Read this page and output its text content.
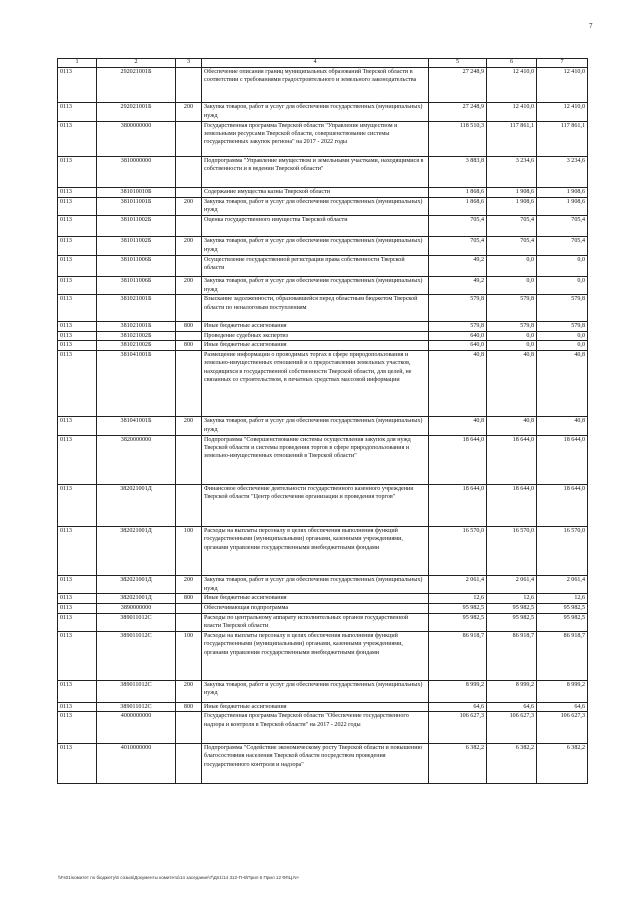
7
1	2	3	4	5	6	7
0113	292021001Б		Обеспечение описания границ муниципальных образований Тверской области в соответствии с требованиями градостроительного и земельного законодательства	27 248,9	12 410,0	12 410,0
0113	292021001Б	200	Закупка товаров, работ и услуг для обеспечения государственных (муниципальных) нужд	27 248,9	12 410,0	12 410,0
0113	3800000000		Государственная программа Тверской области "Управление имуществом и земельными ресурсами Тверской области, совершенствование системы государственных закупок региона" на 2017 - 2022 годы	118 510,3	117 861,1	117 861,1
0113	3810000000		Подпрограмма "Управление имуществом и земельными участками, находящимися в собственности и в ведении Тверской области"	3 883,8	3 234,6	3 234,6
0113	381010010Б		Содержание имущества казны Тверской области	1 868,6	1 908,6	1 908,6
0113	381011001Б	200	Закупка товаров, работ и услуг для обеспечения государственных (муниципальных) нужд	1 868,6	1 908,6	1 908,6
0113	381011002Б		Оценка государственного имущества Тверской области	705,4	705,4	705,4
0113	381011002Б	200	Закупка товаров, работ и услуг для обеспечения государственных (муниципальных) нужд	705,4	705,4	705,4
0113	381011006Б		Осуществление государственной регистрации права собственности Тверской области	49,2	0,0	0,0
0113	381011006Б	200	Закупка товаров, работ и услуг для обеспечения государственных (муниципальных) нужд	49,2	0,0	0,0
0113	381021001Б		Взыскание задолженности, образовавшейся перед областным бюджетом Тверской области по неналоговым поступлениям	579,8	579,8	579,8
0113	381021001Б	800	Иные бюджетные ассигнования	579,8	579,8	579,8
0113	381021002Б		Проведение судебных экспертиз	640,0	0,0	0,0
0113	381021002Б	800	Иные бюджетные ассигнования	640,0	0,0	0,0
0113	381041001Б		Размещение информации о проводимых торгах в сфере природопользования и земельно-имущественных отношений и о предоставлении земельных участков, находящихся в государственной собственности Тверской области, для целей, не связанных со строительством, в печатных средствах массовой информации	40,8	40,8	40,8
0113	381041001Б	200	Закупка товаров, работ и услуг для обеспечения государственных (муниципальных) нужд	40,8	40,8	40,8
0113	3820000000		Подпрограмма "Совершенствование системы осуществления закупок для нужд Тверской области и системы проведения торгов в сфере природопользования и земельно-имущественных отношений в Тверской области"	18 644,0	18 644,0	18 644,0
0113	382021001Д		Финансовое обеспечение деятельности государственного казенного учреждения Тверской области "Центр обеспечения организации и проведения торгов"	18 644,0	18 644,0	18 644,0
0113	382021001Д	100	Расходы на выплаты персоналу в целях обеспечения выполнения функций государственными (муниципальными) органами, казенными учреждениями, органами управления государственными внебюджетными фондами	16 570,0	16 570,0	16 570,0
0113	382021001Д	200	Закупка товаров, работ и услуг для обеспечения государственных (муниципальных) нужд	2 061,4	2 061,4	2 061,4
0113	382021001Д	800	Иные бюджетные ассигнования	12,6	12,6	12,6
0113	3890000000		Обеспечивающая подпрограмма	95 982,5	95 982,5	95 982,5
0113	389011012С		Расходы по центральному аппарату исполнительных органов государственной власти Тверской области	95 982,5	95 982,5	95 982,5
0113	389011012С	100	Расходы на выплаты персоналу в целях обеспечения выполнения функций государственными (муниципальными) органами, казенными учреждениями, органами управления государственными внебюджетными фондами	86 918,7	86 918,7	86 918,7
0113	389011012С	200	Закупка товаров, работ и услуг для обеспечения государственных (муниципальных) нужд	8 999,2	8 999,2	8 999,2
0113	389011012С	800	Иные бюджетные ассигнования	64,6	64,6	64,6
0113	4000000000		Государственная программа Тверской области "Обеспечение государственного надзора и контроля в Тверской области" на 2017 - 2022 годы	106 627,3	106 627,3	106 627,3
0113	4010000000		Подпрограмма "Содействие экономическому росту Тверской области и повышению благосостояния населения Тверской области посредством проведения государственного контроля и надзора"	6 382,2	6 382,2	6 382,2
\\Fs01\комитет по бюджету\6 созыв\Документы комитета\14 заседание\7\Дп1\14 312-П-6\Прил 6 Прил 12 ФЛЦ.N+
